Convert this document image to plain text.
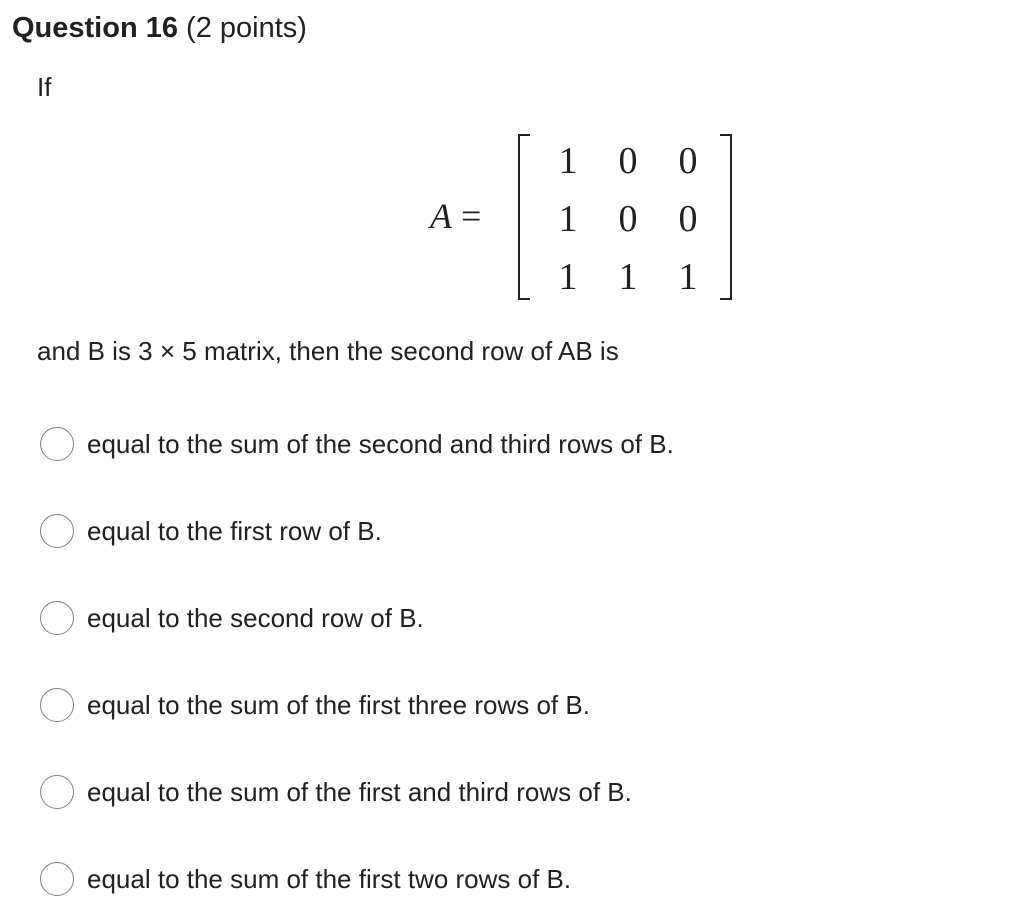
Question 16 (2 points)
If
A =
1	0	0
1	0	0
1	1	1
and B is 3 × 5 matrix, then the second row of AB is
equal to the sum of the second and third rows of B.
equal to the first row of B.
equal to the second row of B.
equal to the sum of the first three rows of B.
equal to the sum of the first and third rows of B.
equal to the sum of the first two rows of B.
